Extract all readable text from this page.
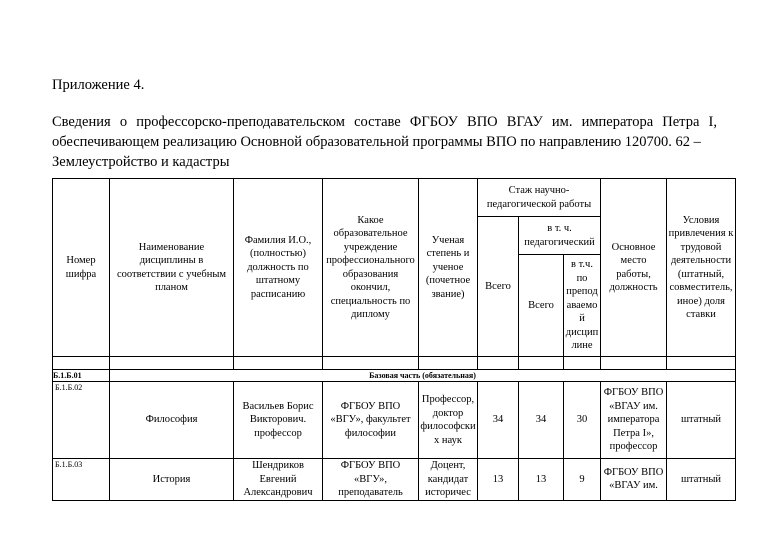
Приложение 4.
Сведения о профессорско-преподавательском составе ФГБОУ ВПО ВГАУ им. императора Петра I, обеспечивающем реализацию Основной образовательной программы ВПО по направлению 120700. 62 –
Землеустройство и кадастры
Номер шифра	Наименование дисциплины в соответствии с учебным планом	Фамилия И.О., (полностью) должность по штатному расписанию	Какое образовательное учреждение профессионального образования окончил, специальность по диплому	Ученая степень и ученое (почетное звание)	Стаж научно-педагогической работы			Основное место работы, должность	Условия привлечения к трудовой деятельности (штатный, совместитель, иное) доля ставки
					Всего	в т. ч. педагогический			
						Всего	в т.ч. по преподаваемой дисциплине		

Б.1.Б.01	Базовая часть (обязательная)								
Б.1.Б.02	Философия	Васильев Борис Викторович. профессор	ФГБОУ ВПО «ВГУ», факультет философии	Профессор, доктор философских наук	34	34	30	ФГБОУ ВПО «ВГАУ им. императора Петра I», профессор	штатный
Б.1.Б.03	История	Шендриков Евгений Александрович	ФГБОУ ВПО «ВГУ», преподаватель	Доцент, кандидат историчес	13	13	9	ФГБОУ ВПО «ВГАУ им.	штатный
